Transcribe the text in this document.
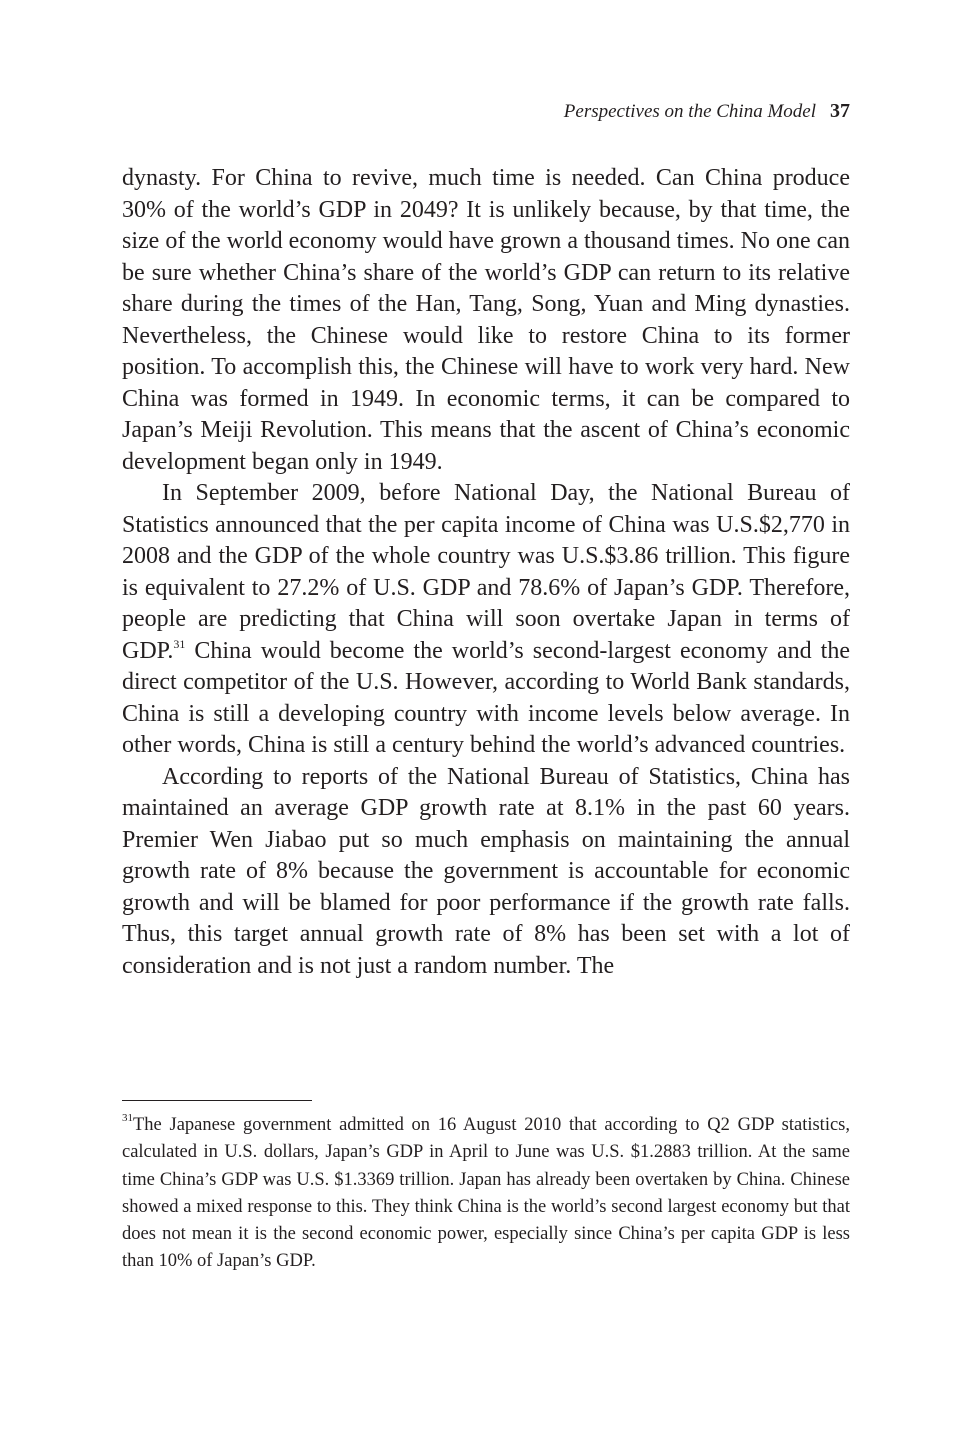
Perspectives on the China Model 37

dynasty. For China to revive, much time is needed. Can China produce 30% of the world’s GDP in 2049? It is unlikely because, by that time, the size of the world economy would have grown a thousand times. No one can be sure whether China’s share of the world’s GDP can return to its relative share during the times of the Han, Tang, Song, Yuan and Ming dynasties. Nevertheless, the Chinese would like to restore China to its former position. To accomplish this, the Chinese will have to work very hard. New China was formed in 1949. In economic terms, it can be compared to Japan’s Meiji Revolution. This means that the ascent of China’s economic development began only in 1949.

In September 2009, before National Day, the National Bureau of Statistics announced that the per capita income of China was U.S.$2,770 in 2008 and the GDP of the whole country was U.S.$3.86 trillion. This figure is equivalent to 27.2% of U.S. GDP and 78.6% of Japan’s GDP. Therefore, people are predicting that China will soon overtake Japan in terms of GDP.$^{31}$ China would become the world’s second-largest economy and the direct competitor of the U.S. However, according to World Bank standards, China is still a developing country with income levels below average. In other words, China is still a century behind the world’s advanced countries.

According to reports of the National Bureau of Statistics, China has maintained an average GDP growth rate at 8.1% in the past 60 years. Premier Wen Jiabao put so much emphasis on maintaining the annual growth rate of 8% because the government is accountable for economic growth and will be blamed for poor performance if the growth rate falls. Thus, this target annual growth rate of 8% has been set with a lot of consideration and is not just a random number. The

$^{31}$The Japanese government admitted on 16 August 2010 that according to Q2 GDP statistics, calculated in U.S. dollars, Japan’s GDP in April to June was U.S. $1.2883 trillion. At the same time China’s GDP was U.S. $1.3369 trillion. Japan has already been overtaken by China. Chinese showed a mixed response to this. They think China is the world’s second largest economy but that does not mean it is the second economic power, especially since China’s per capita GDP is less than 10% of Japan’s GDP.
